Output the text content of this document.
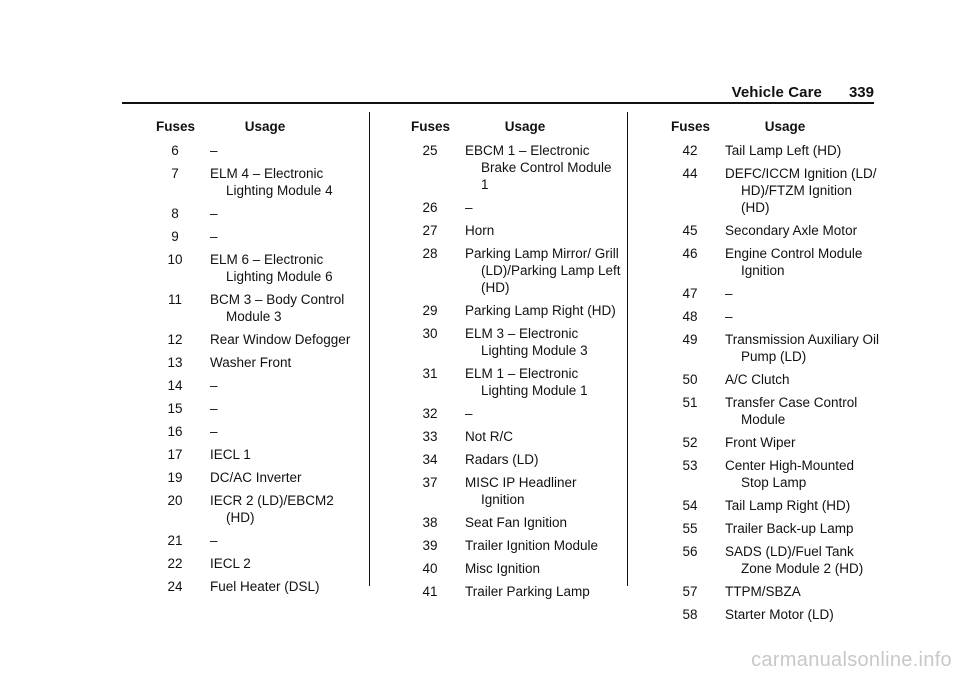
Vehicle Care 339
Fuses	Usage
6	–
7	ELM 4 – Electronic Lighting Module 4
8	–
9	–
10	ELM 6 – Electronic Lighting Module 6
11	BCM 3 – Body Control Module 3
12	Rear Window Defogger
13	Washer Front
14	–
15	–
16	–
17	IECL 1
19	DC/AC Inverter
20	IECR 2 (LD)/EBCM2 (HD)
21	–
22	IECL 2
24	Fuel Heater (DSL)
Fuses	Usage
25	EBCM 1 – Electronic Brake Control Module 1
26	–
27	Horn
28	Parking Lamp Mirror/ Grill (LD)/Parking Lamp Left (HD)
29	Parking Lamp Right (HD)
30	ELM 3 – Electronic Lighting Module 3
31	ELM 1 – Electronic Lighting Module 1
32	–
33	Not R/C
34	Radars (LD)
37	MISC IP Headliner Ignition
38	Seat Fan Ignition
39	Trailer Ignition Module
40	Misc Ignition
41	Trailer Parking Lamp
Fuses	Usage
42	Tail Lamp Left (HD)
44	DEFC/ICCM Ignition (LD/ HD)/FTZM Ignition (HD)
45	Secondary Axle Motor
46	Engine Control Module Ignition
47	–
48	–
49	Transmission Auxiliary Oil Pump (LD)
50	A/C Clutch
51	Transfer Case Control Module
52	Front Wiper
53	Center High-Mounted Stop Lamp
54	Tail Lamp Right (HD)
55	Trailer Back-up Lamp
56	SADS (LD)/Fuel Tank Zone Module 2 (HD)
57	TTPM/SBZA
58	Starter Motor (LD)
carmanualsonline.info
